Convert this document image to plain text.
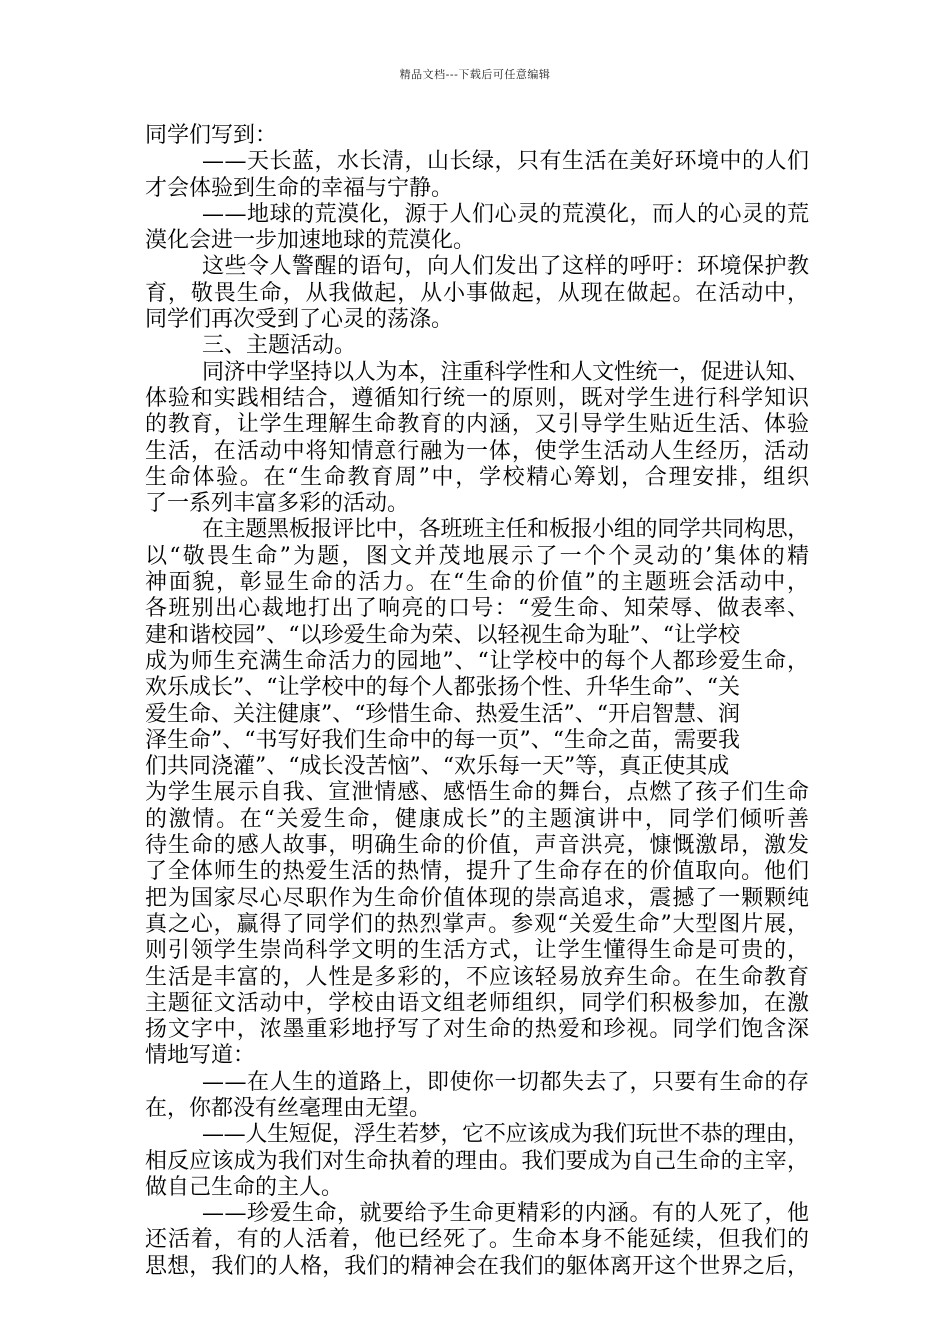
精品文档---下载后可任意编辑
同学们写到：
——天长蓝，水长清，山长绿，只有生活在美好环境中的人们
才会体验到生命的幸福与宁静。
——地球的荒漠化，源于人们心灵的荒漠化，而人的心灵的荒
漠化会进一步加速地球的荒漠化。
这些令人警醒的语句，向人们发出了这样的呼吁：环境保护教
育，敬畏生命，从我做起，从小事做起，从现在做起。在活动中，
同学们再次受到了心灵的荡涤。
三、主题活动。
同济中学坚持以人为本，注重科学性和人文性统一，促进认知、
体验和实践相结合，遵循知行统一的原则，既对学生进行科学知识
的教育，让学生理解生命教育的内涵，又引导学生贴近生活、体验
生活，在活动中将知情意行融为一体，使学生活动人生经历，活动
生命体验。在“生命教育周”中，学校精心筹划，合理安排，组织
了一系列丰富多彩的活动。
在主题黑板报评比中，各班班主任和板报小组的同学共同构思，
以“敬畏生命”为题，图文并茂地展示了一个个灵动的’集体的精
神面貌，彰显生命的活力。在“生命的价值”的主题班会活动中，
各班别出心裁地打出了响亮的口号：“爱生命、知荣辱、做表率、
建和谐校园”、“以珍爱生命为荣、以轻视生命为耻”、“让学校
成为师生充满生命活力的园地”、“让学校中的每个人都珍爱生命，
欢乐成长”、“让学校中的每个人都张扬个性、升华生命”、“关
爱生命、关注健康”、“珍惜生命、热爱生活”、“开启智慧、润
泽生命”、“书写好我们生命中的每一页”、“生命之苗，需要我
们共同浇灌”、“成长没苦恼”、“欢乐每一天”等，真正使其成
为学生展示自我、宣泄情感、感悟生命的舞台，点燃了孩子们生命
的激情。在“关爱生命，健康成长”的主题演讲中，同学们倾听善
待生命的感人故事，明确生命的价值，声音洪亮，慷慨激昂，激发
了全体师生的热爱生活的热情，提升了生命存在的价值取向。他们
把为国家尽心尽职作为生命价值体现的崇高追求，震撼了一颗颗纯
真之心，赢得了同学们的热烈掌声。参观“关爱生命”大型图片展，
则引领学生崇尚科学文明的生活方式，让学生懂得生命是可贵的，
生活是丰富的，人性是多彩的，不应该轻易放弃生命。在生命教育
主题征文活动中，学校由语文组老师组织，同学们积极参加，在激
扬文字中，浓墨重彩地抒写了对生命的热爱和珍视。同学们饱含深
情地写道：
——在人生的道路上，即使你一切都失去了，只要有生命的存
在，你都没有丝毫理由无望。
——人生短促，浮生若梦，它不应该成为我们玩世不恭的理由，
相反应该成为我们对生命执着的理由。我们要成为自己生命的主宰，
做自己生命的主人。
——珍爱生命，就要给予生命更精彩的内涵。有的人死了，他
还活着，有的人活着，他已经死了。生命本身不能延续，但我们的
思想，我们的人格，我们的精神会在我们的躯体离开这个世界之后，
